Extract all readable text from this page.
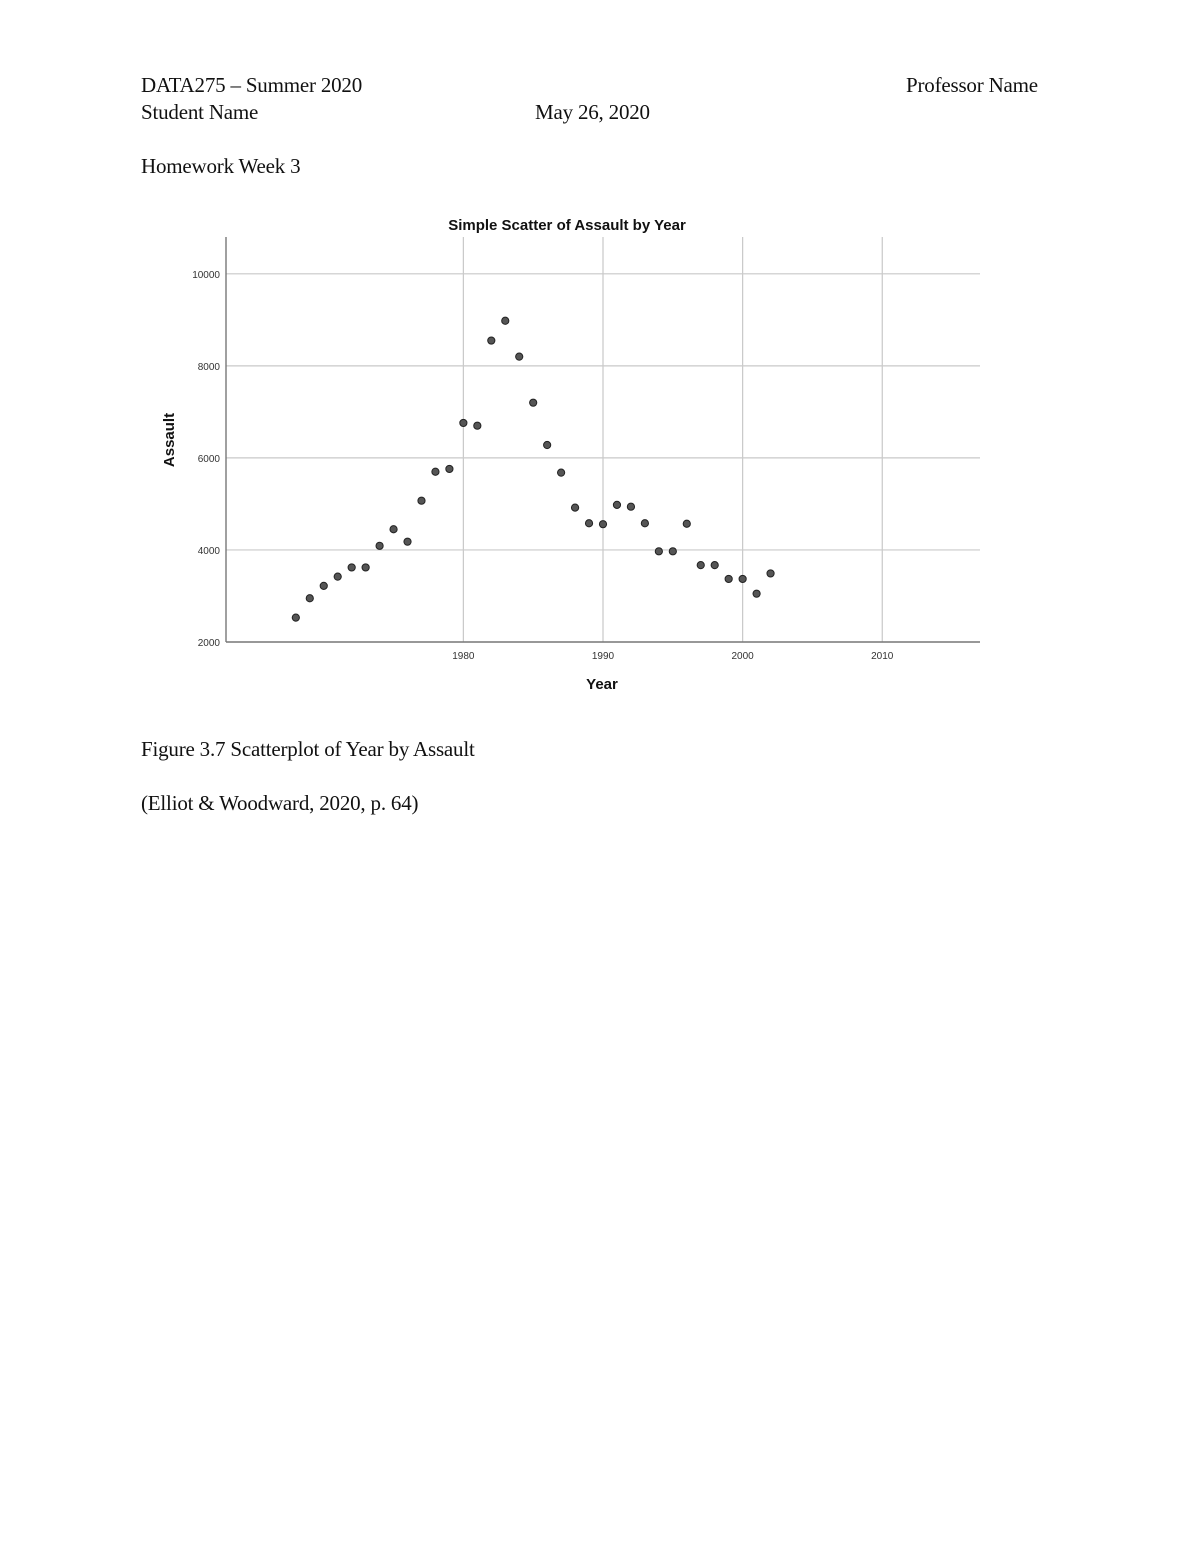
DATA275 – Summer 2020	Professor Name
Student Name	May 26, 2020
Homework Week 3
Simple Scatter of Assault by Year
2000
4000
6000
8000
10000
1980	1990	2000	2010
Year
Assault
Figure 3.7 Scatterplot of Year by Assault
(Elliot & Woodward, 2020, p. 64)
